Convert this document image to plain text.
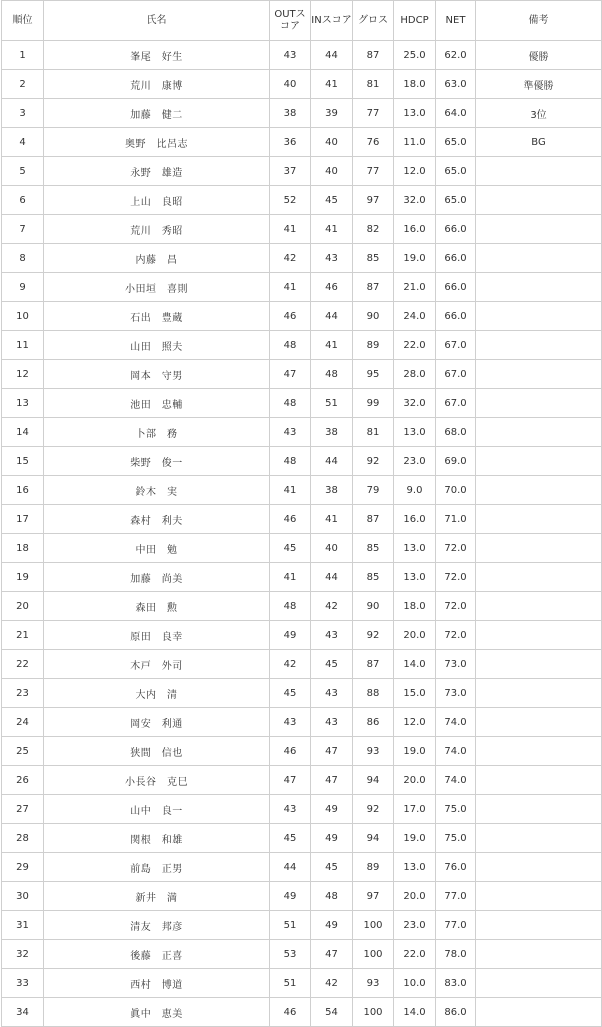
順位	氏名	OUTスコア	INスコア	グロス	HDCP	NET	備考
1	峯尾　好生	43	44	87	25.0	62.0	優勝
2	荒川　康博	40	41	81	18.0	63.0	準優勝
3	加藤　健二	38	39	77	13.0	64.0	3位
4	奥野　比呂志	36	40	76	11.0	65.0	BG
5	永野　雄造	37	40	77	12.0	65.0	
6	上山　良昭	52	45	97	32.0	65.0	
7	荒川　秀昭	41	41	82	16.0	66.0	
8	内藤　昌	42	43	85	19.0	66.0	
9	小田垣　喜則	41	46	87	21.0	66.0	
10	石出　豊蔵	46	44	90	24.0	66.0	
11	山田　照夫	48	41	89	22.0	67.0	
12	岡本　守男	47	48	95	28.0	67.0	
13	池田　忠輔	48	51	99	32.0	67.0	
14	卜部　務	43	38	81	13.0	68.0	
15	柴野　俊一	48	44	92	23.0	69.0	
16	鈴木　実	41	38	79	9.0	70.0	
17	森村　利夫	46	41	87	16.0	71.0	
18	中田　勉	45	40	85	13.0	72.0	
19	加藤　尚美	41	44	85	13.0	72.0	
20	森田　勲	48	42	90	18.0	72.0	
21	原田　良幸	49	43	92	20.0	72.0	
22	木戸　外司	42	45	87	14.0	73.0	
23	大内　清	45	43	88	15.0	73.0	
24	岡安　利通	43	43	86	12.0	74.0	
25	狭間　信也	46	47	93	19.0	74.0	
26	小長谷　克巳	47	47	94	20.0	74.0	
27	山中　良一	43	49	92	17.0	75.0	
28	関根　和雄	45	49	94	19.0	75.0	
29	前島　正男	44	45	89	13.0	76.0	
30	新井　満	49	48	97	20.0	77.0	
31	清友　邦彦	51	49	100	23.0	77.0	
32	後藤　正喜	53	47	100	22.0	78.0	
33	西村　博道	51	42	93	10.0	83.0	
34	眞中　恵美	46	54	100	14.0	86.0	
